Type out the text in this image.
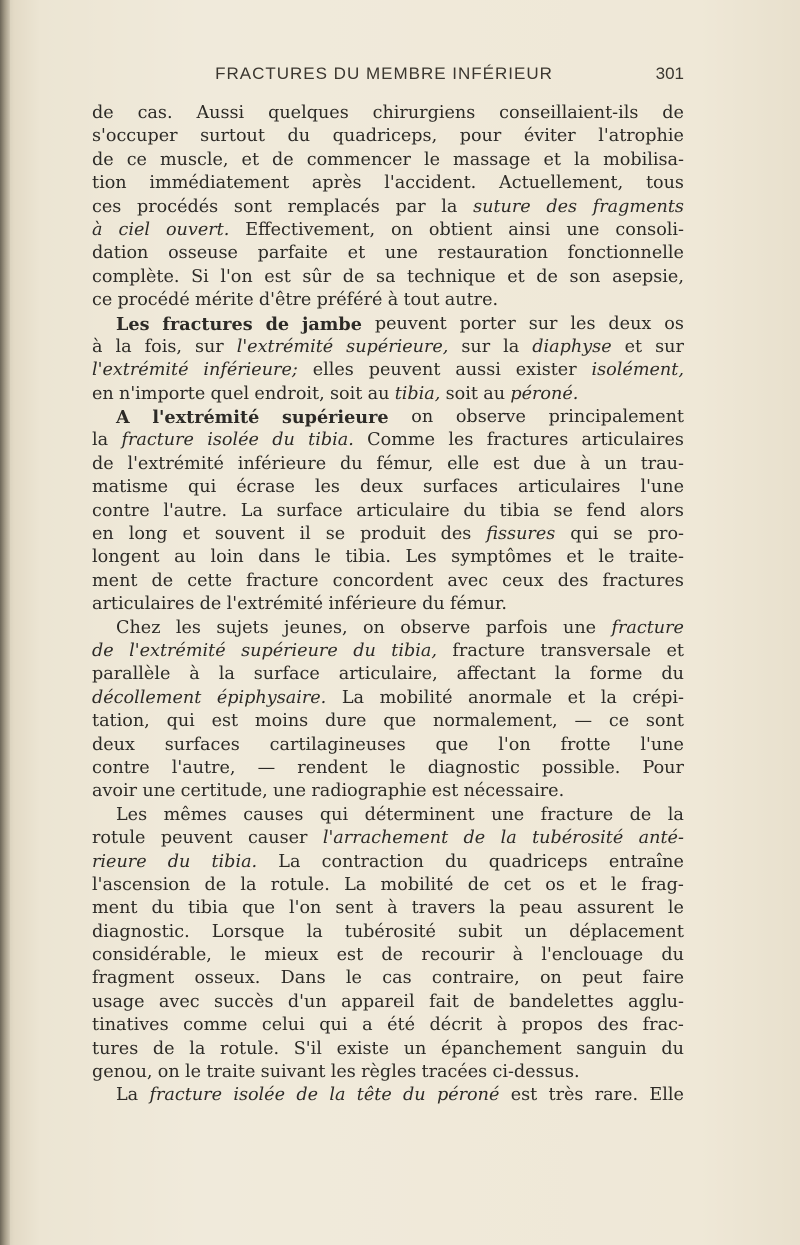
FRACTURES DU MEMBRE INFÉRIEUR	301
de cas. Aussi quelques chirurgiens conseillaient-ils de
s'occuper surtout du quadriceps, pour éviter l'atrophie
de ce muscle, et de commencer le massage et la mobilisa-
tion immédiatement après l'accident. Actuellement, tous
ces procédés sont remplacés par la suture des fragments
à ciel ouvert. Effectivement, on obtient ainsi une consoli-
dation osseuse parfaite et une restauration fonctionnelle
complète. Si l'on est sûr de sa technique et de son asepsie,
ce procédé mérite d'être préféré à tout autre.
Les fractures de jambe peuvent porter sur les deux os
à la fois, sur l'extrémité supérieure, sur la diaphyse et sur
l'extrémité inférieure; elles peuvent aussi exister isolément,
en n'importe quel endroit, soit au tibia, soit au péroné.
A l'extrémité supérieure on observe principalement
la fracture isolée du tibia. Comme les fractures articulaires
de l'extrémité inférieure du fémur, elle est due à un trau-
matisme qui écrase les deux surfaces articulaires l'une
contre l'autre. La surface articulaire du tibia se fend alors
en long et souvent il se produit des fissures qui se pro-
longent au loin dans le tibia. Les symptômes et le traite-
ment de cette fracture concordent avec ceux des fractures
articulaires de l'extrémité inférieure du fémur.
Chez les sujets jeunes, on observe parfois une fracture
de l'extrémité supérieure du tibia, fracture transversale et
parallèle à la surface articulaire, affectant la forme du
décollement épiphysaire. La mobilité anormale et la crépi-
tation, qui est moins dure que normalement, — ce sont
deux surfaces cartilagineuses que l'on frotte l'une
contre l'autre, — rendent le diagnostic possible. Pour
avoir une certitude, une radiographie est nécessaire.
Les mêmes causes qui déterminent une fracture de la
rotule peuvent causer l'arrachement de la tubérosité anté-
rieure du tibia. La contraction du quadriceps entraîne
l'ascension de la rotule. La mobilité de cet os et le frag-
ment du tibia que l'on sent à travers la peau assurent le
diagnostic. Lorsque la tubérosité subit un déplacement
considérable, le mieux est de recourir à l'enclouage du
fragment osseux. Dans le cas contraire, on peut faire
usage avec succès d'un appareil fait de bandelettes agglu-
tinatives comme celui qui a été décrit à propos des frac-
tures de la rotule. S'il existe un épanchement sanguin du
genou, on le traite suivant les règles tracées ci-dessus.
La fracture isolée de la tête du péroné est très rare. Elle
